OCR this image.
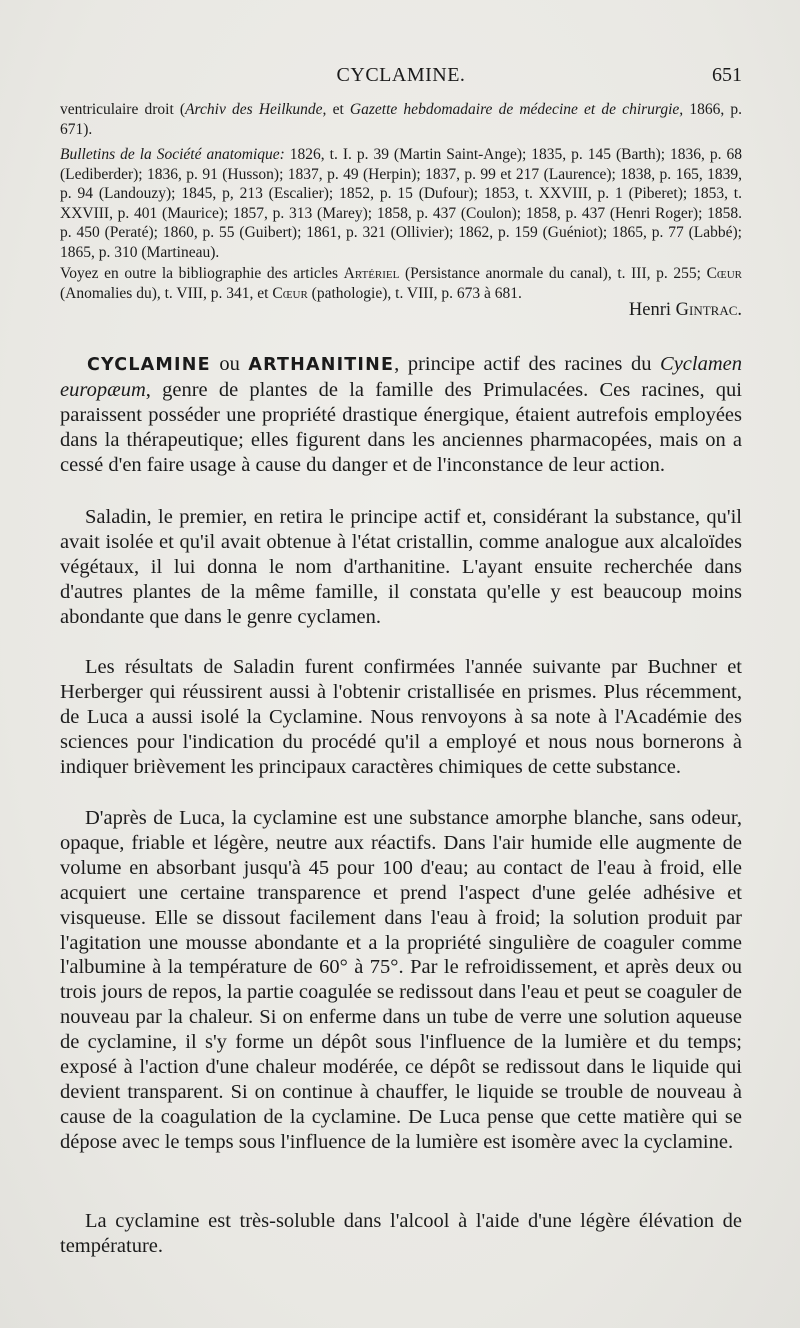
CYCLAMINE.	651

ventriculaire droit (Archiv des Heilkunde, et Gazette hebdomadaire de médecine et de chirurgie, 1866, p. 671).

Bulletins de la Société anatomique: 1826, t. I. p. 39 (Martin Saint-Ange); 1835, p. 145 (Barth); 1836, p. 68 (Lediberder); 1836, p. 91 (Husson); 1837, p. 49 (Herpin); 1837, p. 99 et 217 (Laurence); 1838, p. 165, 1839, p. 94 (Landouzy); 1845, p, 213 (Escalier); 1852, p. 15 (Dufour); 1853, t. XXVIII, p. 1 (Piberet); 1853, t. XXVIII, p. 401 (Maurice); 1857, p. 313 (Marey); 1858, p. 437 (Coulon); 1858, p. 437 (Henri Roger); 1858. p. 450 (Peraté); 1860, p. 55 (Guibert); 1861, p. 321 (Ollivier); 1862, p. 159 (Guéniot); 1865, p. 77 (Labbé); 1865, p. 310 (Martineau).

Voyez en outre la bibliographie des articles Artériel (Persistance anormale du canal), t. III, p. 255; Cœur (Anomalies du), t. VIII, p. 341, et Cœur (pathologie), t. VIII, p. 673 à 681.

Henri Gintrac.

CYCLAMINE ou ARTHANITINE, principe actif des racines du Cyclamen europæum, genre de plantes de la famille des Primulacées. Ces racines, qui paraissent posséder une propriété drastique énergique, étaient autrefois employées dans la thérapeutique; elles figurent dans les anciennes pharmacopées, mais on a cessé d'en faire usage à cause du danger et de l'inconstance de leur action.

Saladin, le premier, en retira le principe actif et, considérant la substance, qu'il avait isolée et qu'il avait obtenue à l'état cristallin, comme analogue aux alcaloïdes végétaux, il lui donna le nom d'arthanitine. L'ayant ensuite recherchée dans d'autres plantes de la même famille, il constata qu'elle y est beaucoup moins abondante que dans le genre cyclamen.

Les résultats de Saladin furent confirmées l'année suivante par Buchner et Herberger qui réussirent aussi à l'obtenir cristallisée en prismes. Plus récemment, de Luca a aussi isolé la Cyclamine. Nous renvoyons à sa note à l'Académie des sciences pour l'indication du procédé qu'il a employé et nous nous bornerons à indiquer brièvement les principaux caractères chimiques de cette substance.

D'après de Luca, la cyclamine est une substance amorphe blanche, sans odeur, opaque, friable et légère, neutre aux réactifs. Dans l'air humide elle augmente de volume en absorbant jusqu'à 45 pour 100 d'eau; au contact de l'eau à froid, elle acquiert une certaine transparence et prend l'aspect d'une gelée adhésive et visqueuse. Elle se dissout facilement dans l'eau à froid; la solution produit par l'agitation une mousse abondante et a la propriété singulière de coaguler comme l'albumine à la température de 60° à 75°. Par le refroidissement, et après deux ou trois jours de repos, la partie coagulée se redissout dans l'eau et peut se coaguler de nouveau par la chaleur. Si on enferme dans un tube de verre une solution aqueuse de cyclamine, il s'y forme un dépôt sous l'influence de la lumière et du temps; exposé à l'action d'une chaleur modérée, ce dépôt se redissout dans le liquide qui devient transparent. Si on continue à chauffer, le liquide se trouble de nouveau à cause de la coagulation de la cyclamine. De Luca pense que cette matière qui se dépose avec le temps sous l'influence de la lumière est isomère avec la cyclamine.

La cyclamine est très-soluble dans l'alcool à l'aide d'une légère élévation de température.
